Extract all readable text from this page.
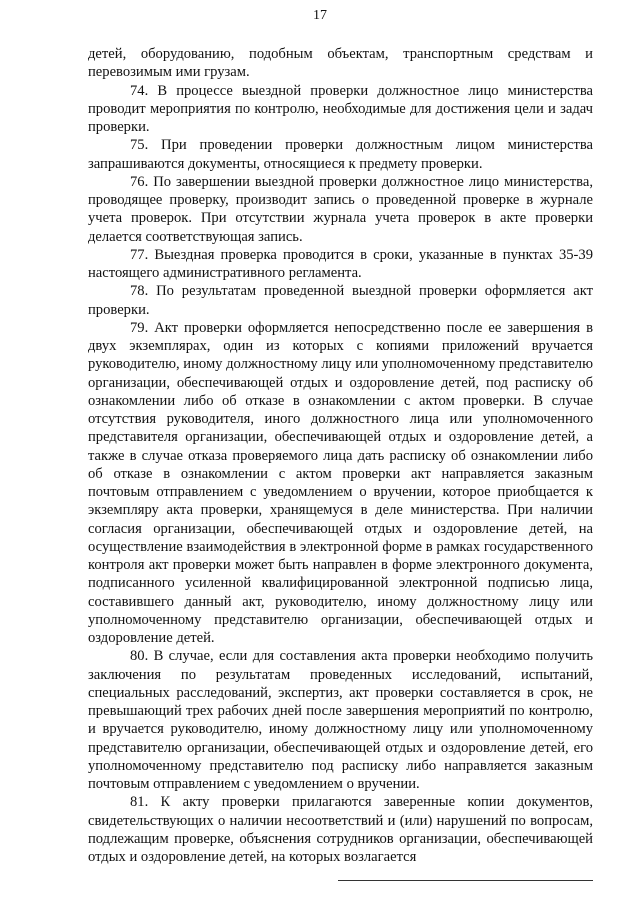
17

детей, оборудованию, подобным объектам, транспортным средствам и перевозимым ими грузам.

74. В процессе выездной проверки должностное лицо министерства проводит мероприятия по контролю, необходимые для достижения цели и задач проверки.

75. При проведении проверки должностным лицом министерства запрашиваются документы, относящиеся к предмету проверки.

76. По завершении выездной проверки должностное лицо министерства, проводящее проверку, производит запись о проведенной проверке в журнале учета проверок. При отсутствии журнала учета проверок в акте проверки делается соответствующая запись.

77. Выездная проверка проводится в сроки, указанные в пунктах 35-39 настоящего административного регламента.

78. По результатам проведенной выездной проверки оформляется акт проверки.

79. Акт проверки оформляется непосредственно после ее завершения в двух экземплярах, один из которых с копиями приложений вручается руководителю, иному должностному лицу или уполномоченному представителю организации, обеспечивающей отдых и оздоровление детей, под расписку об ознакомлении либо об отказе в ознакомлении с актом проверки. В случае отсутствия руководителя, иного должностного лица или уполномоченного представителя организации, обеспечивающей отдых и оздоровление детей, а также в случае отказа проверяемого лица дать расписку об ознакомлении либо об отказе в ознакомлении с актом проверки акт направляется заказным почтовым отправлением с уведомлением о вручении, которое приобщается к экземпляру акта проверки, хранящемуся в деле министерства. При наличии согласия организации, обеспечивающей отдых и оздоровление детей, на осуществление взаимодействия в электронной форме в рамках государственного контроля акт проверки может быть направлен в форме электронного документа, подписанного усиленной квалифицированной электронной подписью лица, составившего данный акт, руководителю, иному должностному лицу или уполномоченному представителю организации, обеспечивающей отдых и оздоровление детей.

80. В случае, если для составления акта проверки необходимо получить заключения по результатам проведенных исследований, испытаний, специальных расследований, экспертиз, акт проверки составляется в срок, не превышающий трех рабочих дней после завершения мероприятий по контролю, и вручается руководителю, иному должностному лицу или уполномоченному представителю организации, обеспечивающей отдых и оздоровление детей, его уполномоченному представителю под расписку либо направляется заказным почтовым отправлением с уведомлением о вручении.

81. К акту проверки прилагаются заверенные копии документов, свидетельствующих о наличии несоответствий и (или) нарушений по вопросам, подлежащим проверке, объяснения сотрудников организации, обеспечивающей отдых и оздоровление детей, на которых возлагается
